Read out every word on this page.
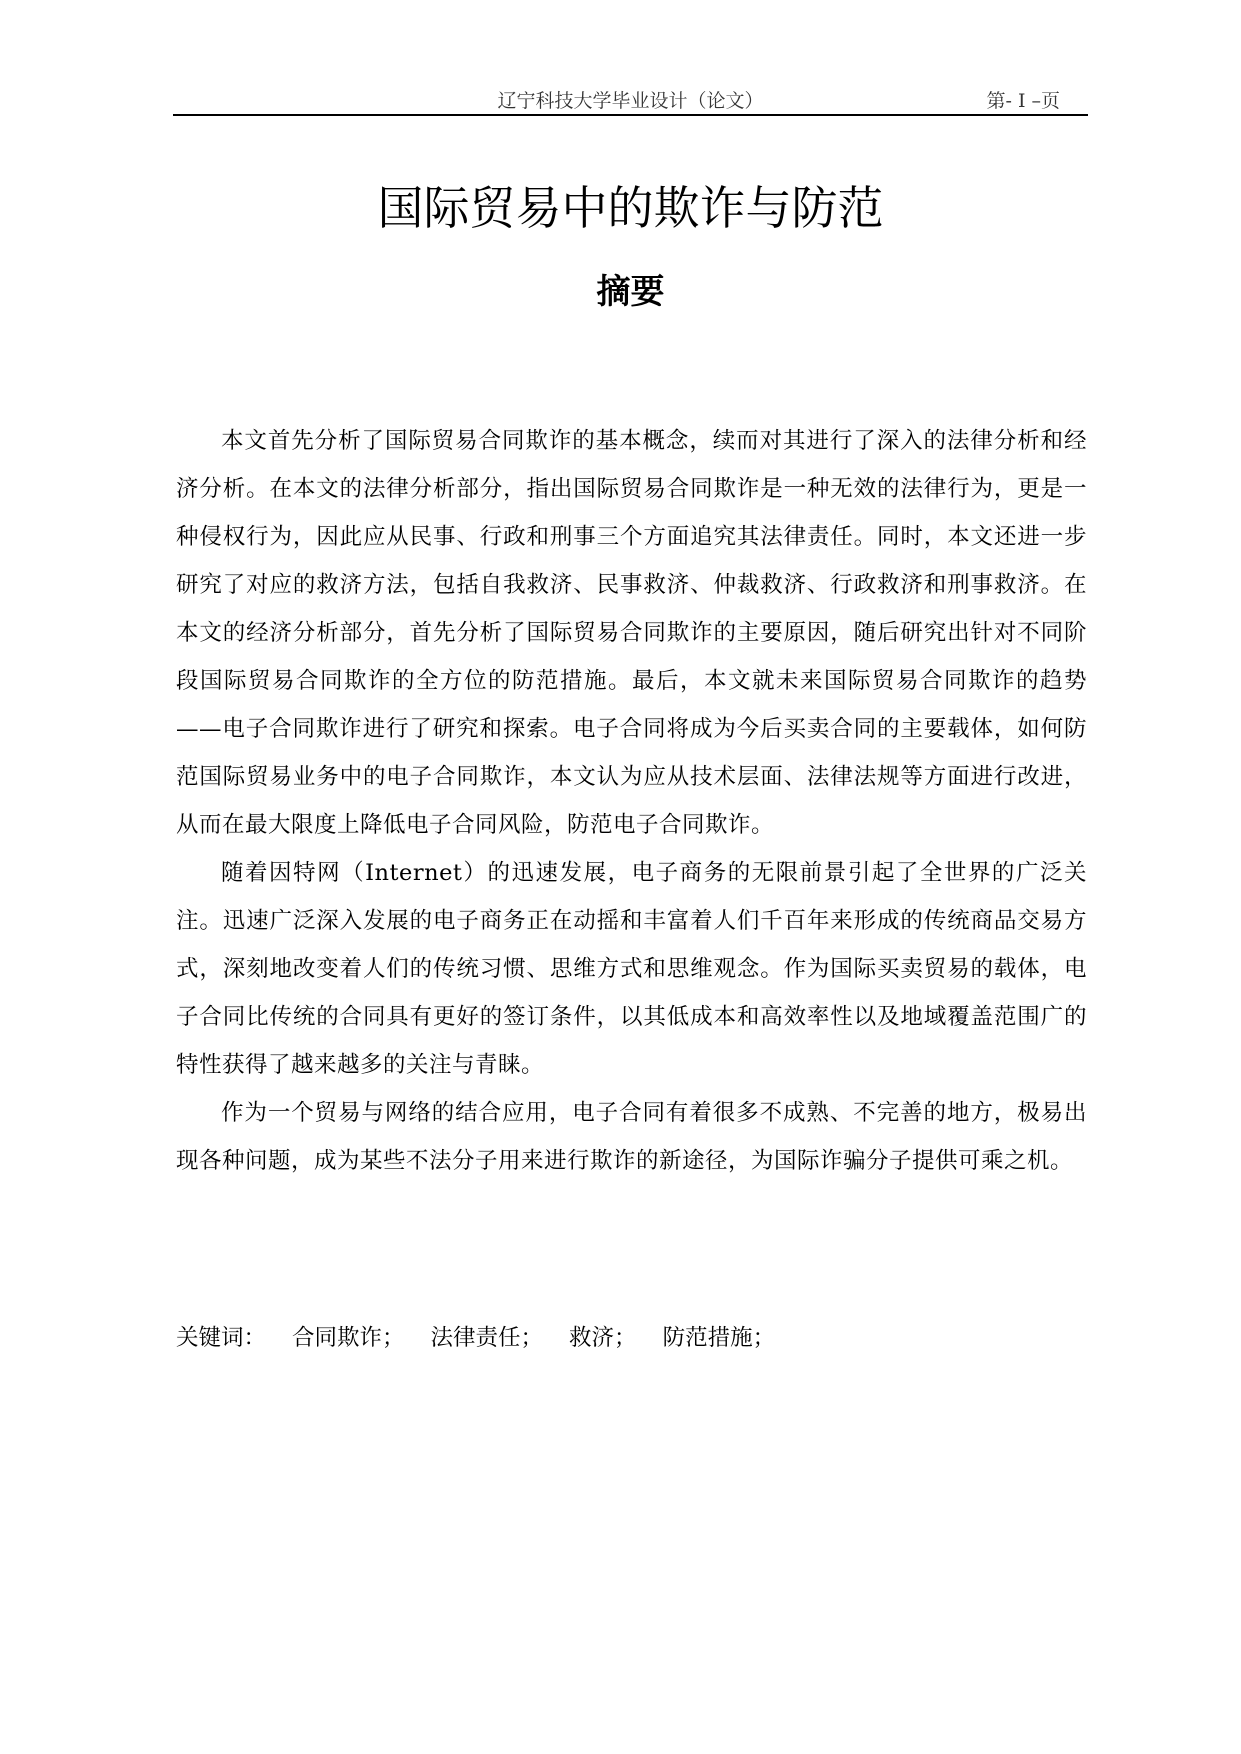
辽宁科技大学毕业设计（论文）	第- I –页
国际贸易中的欺诈与防范
摘要

本文首先分析了国际贸易合同欺诈的基本概念，续而对其进行了深入的法律分析和经济分析。在本文的法律分析部分，指出国际贸易合同欺诈是一种无效的法律行为，更是一种侵权行为，因此应从民事、行政和刑事三个方面追究其法律责任。同时，本文还进一步研究了对应的救济方法，包括自我救济、民事救济、仲裁救济、行政救济和刑事救济。在本文的经济分析部分，首先分析了国际贸易合同欺诈的主要原因，随后研究出针对不同阶段国际贸易合同欺诈的全方位的防范措施。最后，本文就未来国际贸易合同欺诈的趋势——电子合同欺诈进行了研究和探索。电子合同将成为今后买卖合同的主要载体，如何防范国际贸易业务中的电子合同欺诈，本文认为应从技术层面、法律法规等方面进行改进，从而在最大限度上降低电子合同风险，防范电子合同欺诈。

随着因特网（Internet）的迅速发展，电子商务的无限前景引起了全世界的广泛关注。迅速广泛深入发展的电子商务正在动摇和丰富着人们千百年来形成的传统商品交易方式，深刻地改变着人们的传统习惯、思维方式和思维观念。作为国际买卖贸易的载体，电子合同比传统的合同具有更好的签订条件，以其低成本和高效率性以及地域覆盖范围广的特性获得了越来越多的关注与青睐。

作为一个贸易与网络的结合应用，电子合同有着很多不成熟、不完善的地方，极易出现各种问题，成为某些不法分子用来进行欺诈的新途径，为国际诈骗分子提供可乘之机。

关键词： 合同欺诈； 法律责任； 救济； 防范措施；
